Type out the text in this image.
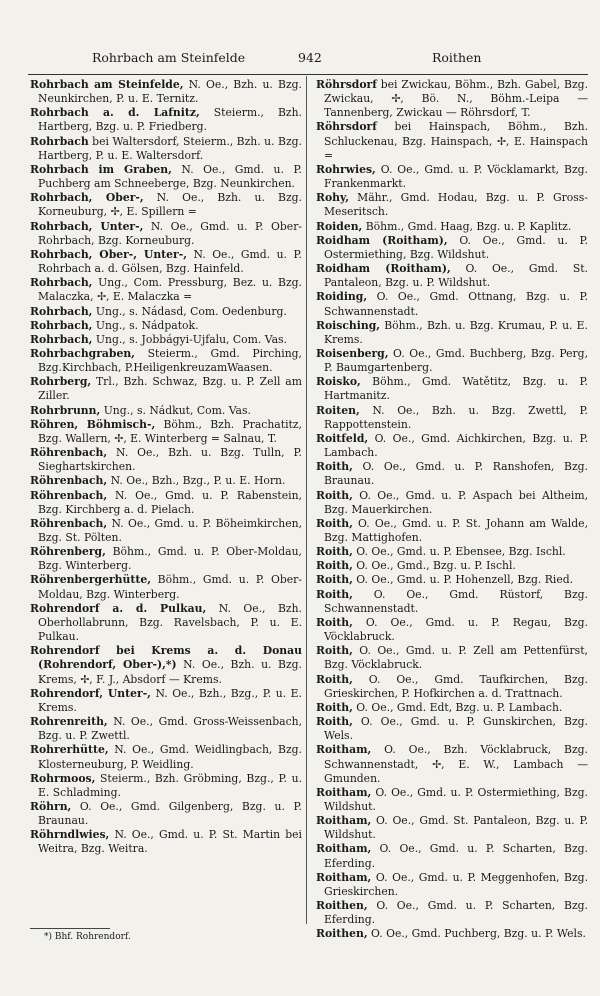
Rohrbach am Steinfelde	942	Roithen
Rohrbach am Steinfelde, N. Oe., Bzh. u. Bzg. Neunkirchen, P. u. E. Ternitz.
Rohrbach a. d. Lafnitz, Steierm., Bzh. Hartberg, Bzg. u. P. Friedberg.
Rohrbach bei Waltersdorf, Steierm., Bzh. u. Bzg. Hartberg, P. u. E. Waltersdorf.
Rohrbach im Graben, N. Oe., Gmd. u. P. Puchberg am Schneeberge, Bzg. Neunkirchen.
Rohrbach, Ober-, N. Oe., Bzh. u. Bzg. Korneuburg, ✢, E. Spillern =
Rohrbach, Unter-, N. Oe., Gmd. u. P. Ober-Rohrbach, Bzg. Korneuburg.
Rohrbach, Ober-, Unter-, N. Oe., Gmd. u. P. Rohrbach a. d. Gölsen, Bzg. Hainfeld.
Rohrbach, Ung., Com. Pressburg, Bez. u. Bzg. Malaczka, ✢, E. Malaczka =
Rohrbach, Ung., s. Nádasd, Com. Oedenburg.
Rohrbach, Ung., s. Nádpatok.
Rohrbach, Ung., s. Jobbágyi-Ujfalu, Com. Vas.
Rohrbachgraben, Steierm., Gmd. Pirching, Bzg.Kirchbach, P.HeiligenkreuzamWaasen.
Rohrberg, Trl., Bzh. Schwaz, Bzg. u. P. Zell am Ziller.
Rohrbrunn, Ung., s. Nádkut, Com. Vas.
Röhren, Böhmisch-, Böhm., Bzh. Prachatitz, Bzg. Wallern, ✢, E. Winterberg = Salnau, T.
Röhrenbach, N. Oe., Bzh. u. Bzg. Tulln, P. Sieghartskirchen.
Röhrenbach, N. Oe., Bzh., Bzg., P. u. E. Horn.
Röhrenbach, N. Oe., Gmd. u. P. Rabenstein, Bzg. Kirchberg a. d. Pielach.
Röhrenbach, N. Oe., Gmd. u. P. Böheimkirchen, Bzg. St. Pölten.
Röhrenberg, Böhm., Gmd. u. P. Ober-Moldau, Bzg. Winterberg.
Röhrenbergerhütte, Böhm., Gmd. u. P. Ober-Moldau, Bzg. Winterberg.
Rohrendorf a. d. Pulkau, N. Oe., Bzh. Oberhollabrunn, Bzg. Ravelsbach, P. u. E. Pulkau.
Rohrendorf bei Krems a. d. Donau (Rohrendorf, Ober-),*) N. Oe., Bzh. u. Bzg. Krems, ✢, F. J., Absdorf — Krems.
Rohrendorf, Unter-, N. Oe., Bzh., Bzg., P. u. E. Krems.
Rohrenreith, N. Oe., Gmd. Gross-Weissenbach, Bzg. u. P. Zwettl.
Rohrerhütte, N. Oe., Gmd. Weidlingbach, Bzg. Klosterneuburg, P. Weidling.
Rohrmoos, Steierm., Bzh. Gröbming, Bzg., P. u. E. Schladming.
Röhrn, O. Oe., Gmd. Gilgenberg, Bzg. u. P. Braunau.
Röhrndlwies, N. Oe., Gmd. u. P. St. Martin bei Weitra, Bzg. Weitra.
Röhrsdorf bei Zwickau, Böhm., Bzh. Gabel, Bzg. Zwickau, ✢, Bö. N., Böhm.-Leipa — Tannenberg, Zwickau — Röhrsdorf, T.
Röhrsdorf bei Hainspach, Böhm., Bzh. Schluckenau, Bzg. Hainspach, ✢, E. Hainspach =
Rohrwies, O. Oe., Gmd. u. P. Vöcklamarkt, Bzg. Frankenmarkt.
Rohy, Mähr., Gmd. Hodau, Bzg. u. P. Gross-Meseritsch.
Roiden, Böhm., Gmd. Haag, Bzg. u. P. Kaplitz.
Roidham (Roitham), O. Oe., Gmd. u. P. Ostermiething, Bzg. Wildshut.
Roidham (Roitham), O. Oe., Gmd. St. Pantaleon, Bzg. u. P. Wildshut.
Roiding, O. Oe., Gmd. Ottnang, Bzg. u. P. Schwannenstadt.
Roisching, Böhm., Bzh. u. Bzg. Krumau, P. u. E. Krems.
Roisenberg, O. Oe., Gmd. Buchberg, Bzg. Perg, P. Baumgartenberg.
Roisko, Böhm., Gmd. Watětitz, Bzg. u. P. Hartmanitz.
Roiten, N. Oe., Bzh. u. Bzg. Zwettl, P. Rappottenstein.
Roitfeld, O. Oe., Gmd. Aichkirchen, Bzg. u. P. Lambach.
Roith, O. Oe., Gmd. u. P. Ranshofen, Bzg. Braunau.
Roith, O. Oe., Gmd. u. P. Aspach bei Altheim, Bzg. Mauerkirchen.
Roith, O. Oe., Gmd. u. P. St. Johann am Walde, Bzg. Mattighofen.
Roith, O. Oe., Gmd. u. P. Ebensee, Bzg. Ischl.
Roith, O. Oe., Gmd., Bzg. u. P. Ischl.
Roith, O. Oe., Gmd. u. P. Hohenzell, Bzg. Ried.
Roith, O. Oe., Gmd. Rüstorf, Bzg. Schwannenstadt.
Roith, O. Oe., Gmd. u. P. Regau, Bzg. Vöcklabruck.
Roith, O. Oe., Gmd. u. P. Zell am Pettenfürst, Bzg. Vöcklabruck.
Roith, O. Oe., Gmd. Taufkirchen, Bzg. Grieskirchen, P. Hofkirchen a. d. Trattnach.
Roith, O. Oe., Gmd. Edt, Bzg. u. P. Lambach.
Roith, O. Oe., Gmd. u. P. Gunskirchen, Bzg. Wels.
Roitham, O. Oe., Bzh. Vöcklabruck, Bzg. Schwannenstadt, ✢, E. W., Lambach — Gmunden.
Roitham, O. Oe., Gmd. u. P. Ostermiething, Bzg. Wildshut.
Roitham, O. Oe., Gmd. St. Pantaleon, Bzg. u. P. Wildshut.
Roitham, O. Oe., Gmd. u. P. Scharten, Bzg. Eferding.
Roitham, O. Oe., Gmd. u. P. Meggenhofen, Bzg. Grieskirchen.
Roithen, O. Oe., Gmd. u. P. Scharten, Bzg. Eferding.
Roithen, O. Oe., Gmd. Puchberg, Bzg. u. P. Wels.
*) Bhf. Rohrendorf.
